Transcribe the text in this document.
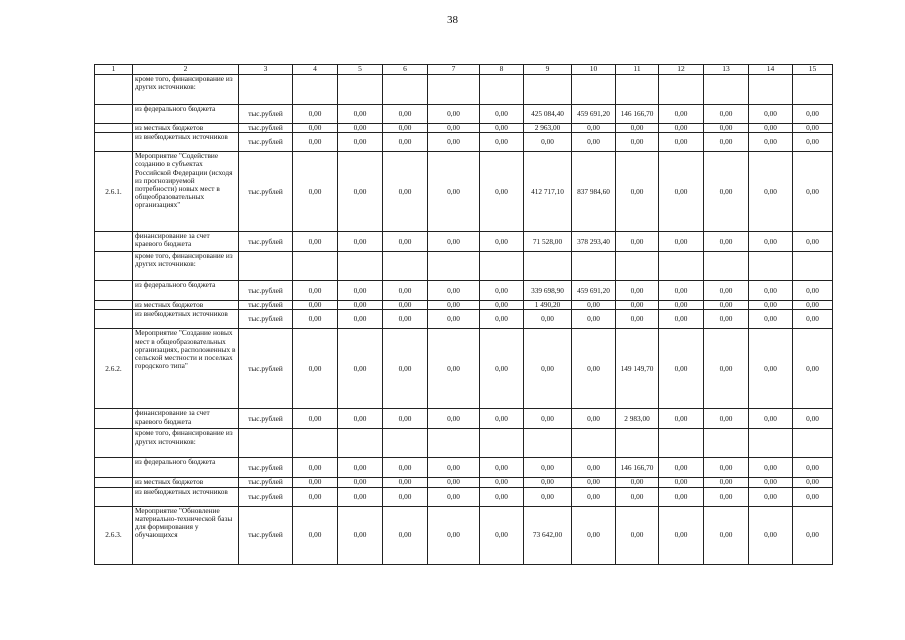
38
1	2	3	4	5	6	7	8	9	10	11	12	13	14	15
	кроме того, финансирование из других источников:													
	из федерального бюджета	тыс.рублей	0,00	0,00	0,00	0,00	0,00	425 084,40	459 691,20	146 166,70	0,00	0,00	0,00	0,00
	из местных бюджетов	тыс.рублей	0,00	0,00	0,00	0,00	0,00	2 963,00	0,00	0,00	0,00	0,00	0,00	0,00
	из внебюджетных источников	тыс.рублей	0,00	0,00	0,00	0,00	0,00	0,00	0,00	0,00	0,00	0,00	0,00	0,00
2.6.1.	Мероприятие "Содействие созданию в субъектах Российской Федерации (исходя из прогнозируемой потребности) новых мест в общеобразовательных организациях"	тыс.рублей	0,00	0,00	0,00	0,00	0,00	412 717,10	837 984,60	0,00	0,00	0,00	0,00	0,00
	финансирование за счет краевого бюджета	тыс.рублей	0,00	0,00	0,00	0,00	0,00	71 528,00	378 293,40	0,00	0,00	0,00	0,00	0,00
	кроме того, финансирование из других источников:													
	из федерального бюджета	тыс.рублей	0,00	0,00	0,00	0,00	0,00	339 698,90	459 691,20	0,00	0,00	0,00	0,00	0,00
	из местных бюджетов	тыс.рублей	0,00	0,00	0,00	0,00	0,00	1 490,20	0,00	0,00	0,00	0,00	0,00	0,00
	из внебюджетных источников	тыс.рублей	0,00	0,00	0,00	0,00	0,00	0,00	0,00	0,00	0,00	0,00	0,00	0,00
2.6.2.	Мероприятие "Создание новых мест в общеобразовательных организациях, расположенных в сельской местности и поселках городского типа"	тыс.рублей	0,00	0,00	0,00	0,00	0,00	0,00	0,00	149 149,70	0,00	0,00	0,00	0,00
	финансирование за счет краевого бюджета	тыс.рублей	0,00	0,00	0,00	0,00	0,00	0,00	0,00	2 983,00	0,00	0,00	0,00	0,00
	кроме того, финансирование из других источников:													
	из федерального бюджета	тыс.рублей	0,00	0,00	0,00	0,00	0,00	0,00	0,00	146 166,70	0,00	0,00	0,00	0,00
	из местных бюджетов	тыс.рублей	0,00	0,00	0,00	0,00	0,00	0,00	0,00	0,00	0,00	0,00	0,00	0,00
	из внебюджетных источников	тыс.рублей	0,00	0,00	0,00	0,00	0,00	0,00	0,00	0,00	0,00	0,00	0,00	0,00
2.6.3.	Мероприятие "Обновление материально-технической базы для формирования у обучающихся	тыс.рублей	0,00	0,00	0,00	0,00	0,00	73 642,00	0,00	0,00	0,00	0,00	0,00	0,00
